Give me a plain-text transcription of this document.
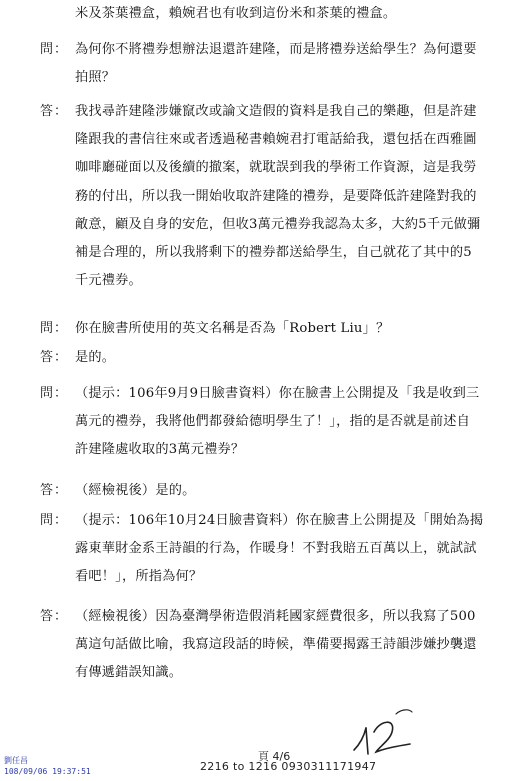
米及茶葉禮盒，賴婉君也有收到這份米和茶葉的禮盒。
問： 為何你不將禮券想辦法退還許建隆，而是將禮券送給學生？為何還要
拍照？
答： 我找尋許建隆涉嫌竄改或論文造假的資料是我自己的樂趣，但是許建
隆跟我的書信往來或者透過秘書賴婉君打電話給我，還包括在西雅圖
咖啡廳碰面以及後續的撤案，就耽誤到我的學術工作資源，這是我勞
務的付出，所以我一開始收取許建隆的禮券，是要降低許建隆對我的
敵意，顧及自身的安危，但收3萬元禮券我認為太多，大約5千元做彌
補是合理的，所以我將剩下的禮券都送給學生，自己就花了其中的5
千元禮券。
問： 你在臉書所使用的英文名稱是否為「Robert Liu」？
答： 是的。
問： （提示：106年9月9日臉書資料）你在臉書上公開提及「我是收到三
萬元的禮券，我將他們都發給德明學生了！」，指的是否就是前述自
許建隆處收取的3萬元禮券？
答： （經檢視後）是的。
問： （提示：106年10月24日臉書資料）你在臉書上公開提及「開始為揭
露東華財金系王詩韻的行為，作暖身！不對我賠五百萬以上，就試試
看吧！」，所指為何？
答： （經檢視後）因為臺灣學術造假消耗國家經費很多，所以我寫了500
萬這句話做比喻，我寫這段話的時候，準備要揭露王詩韻涉嫌抄襲還
有傳遞錯誤知識。
劉任昌
108/09/06 19:37:51
頁 4/6
2216 to 1216 0930311171947
